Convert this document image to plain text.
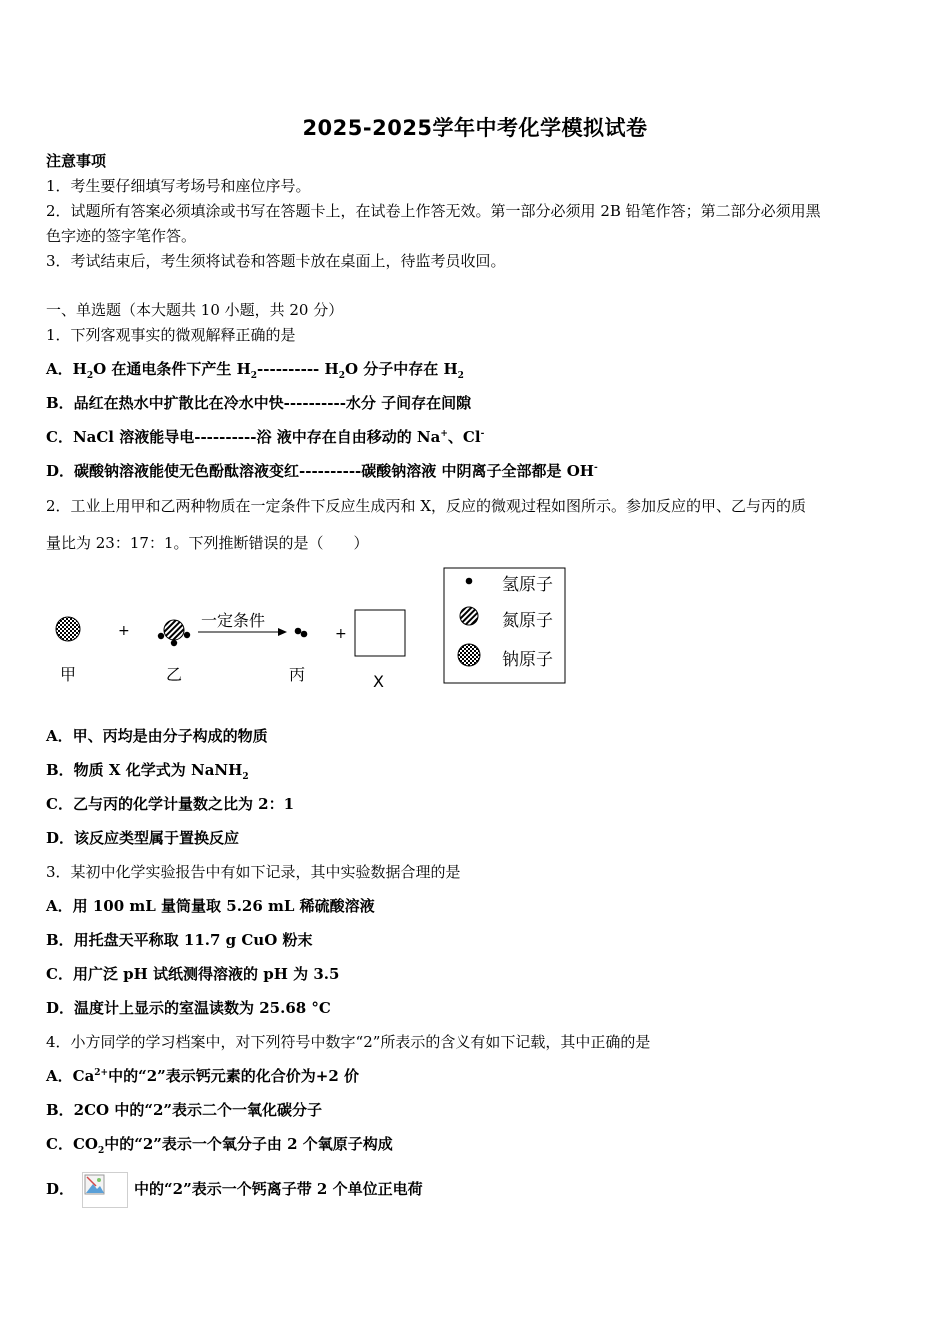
2025-2025学年中考化学模拟试卷
注意事项
1．考生要仔细填写考场号和座位序号。
2．试题所有答案必须填涂或书写在答题卡上，在试卷上作答无效。第一部分必须用 2B 铅笔作答；第二部分必须用黑
色字迹的签字笔作答。
3．考试结束后，考生须将试卷和答题卡放在桌面上，待监考员收回。
一、单选题（本大题共 10 小题，共 20 分）
1．下列客观事实的微观解释正确的是
A．$H_2O$ 在通电条件下产生 $H_2----------$ $H_2O$ 分子中存在 $H_2$
B．品红在热水中扩散比在冷水中快----------水分 子间存在间隙
C．NaCl 溶液能导电----------浴 液中存在自由移动的 Na+、Cl-
D．碳酸钠溶液能使无色酚酞溶液变红----------碳酸钠溶液 中阴离子全部都是 OH-
2．工业上用甲和乙两种物质在一定条件下反应生成丙和 X，反应的微观过程如图所示。参加反应的甲、乙与丙的质
量比为 23：17：1。下列推断错误的是（　　）
甲
+
乙
一定条件
丙
+
X
氢原子
氮原子
钠原子
A．甲、丙均是由分子构成的物质
B．物质 X 化学式为 NaNH$_2$
C．乙与丙的化学计量数之比为 2：1
D．该反应类型属于置换反应
3．某初中化学实验报告中有如下记录，其中实验数据合理的是
A．用 100 mL 量筒量取 5.26 mL 稀硫酸溶液
B．用托盘天平称取 11.7 g CuO 粉末
C．用广泛 pH 试纸测得溶液的 pH 为 3.5
D．温度计上显示的室温读数为 25.68 °C
4．小方同学的学习档案中，对下列符号中数字“2”所表示的含义有如下记载，其中正确的是
A．$Ca^{2+}$中的“2”表示钙元素的化合价为+2 价
B．2CO 中的“2”表示二个一氧化碳分子
C．$CO_2$中的“2”表示一个氧分子由 2 个氧原子构成
D．	中的“2”表示一个钙离子带 2 个单位正电荷
